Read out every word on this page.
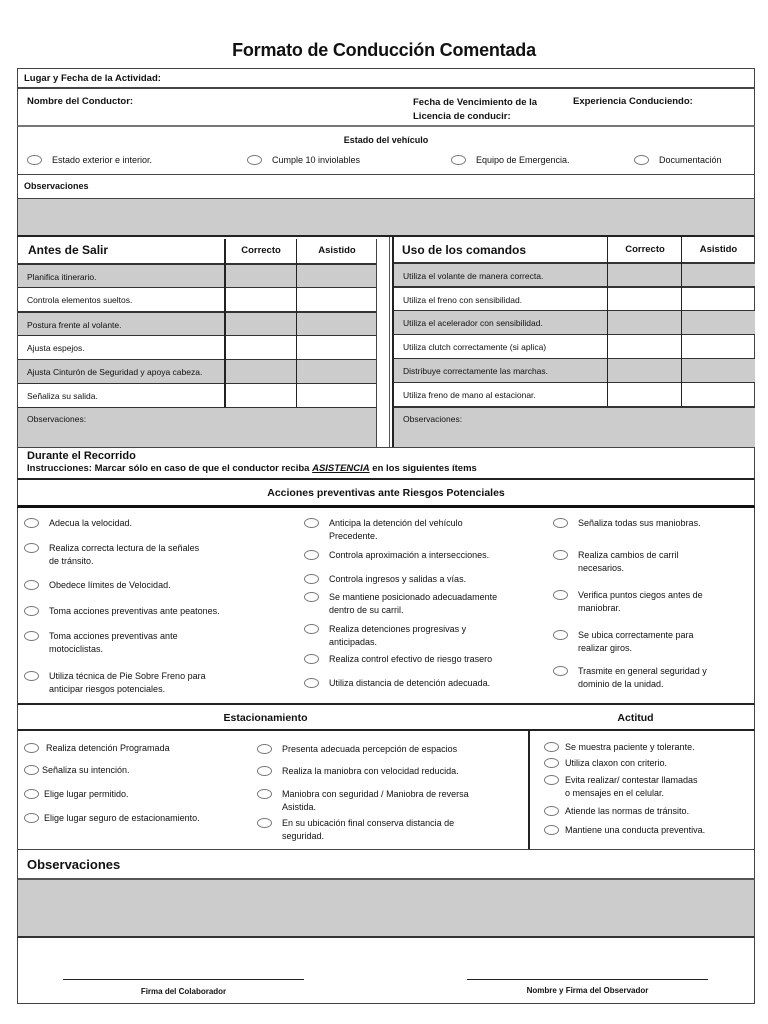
Formato de Conducción Comentada
Lugar y Fecha de la Actividad:
Nombre del Conductor:	Fecha de Vencimiento de la
Licencia de conducir:
Experiencia Conduciendo:
Estado del vehículo
Estado exterior e interior.	Cumple 10 inviolables	Equipo de Emergencia.	Documentación
Observaciones
Antes de Salir	Correcto	Asistido
Planifica itinerario.
Controla elementos sueltos.
Postura frente al volante.
Ajusta espejos.
Ajusta Cinturón de Seguridad y apoya cabeza.
Señaliza su salida.
Observaciones:
Uso de los comandos	Correcto	Asistido
Utiliza el volante de manera correcta.
Utiliza el freno con sensibilidad.
Utiliza el acelerador con sensibilidad.
Utiliza clutch correctamente (si aplica)
Distribuye correctamente las marchas.
Utiliza freno de mano al estacionar.
Observaciones:
Durante el Recorrido
Instrucciones: Marcar sólo en caso de que el conductor reciba ASISTENCIA en los siguientes ítems
Acciones preventivas ante Riesgos Potenciales
Adecua la velocidad.
Realiza correcta lectura de la señales
de tránsito.
Obedece límites de Velocidad.
Toma acciones preventivas ante peatones.
Toma acciones preventivas ante
motociclistas.
Utiliza técnica de Pie Sobre Freno para
anticipar riesgos potenciales.
Anticipa la detención del vehículo
Precedente.
Controla aproximación a intersecciones.
Controla ingresos y salidas a vías.
Se mantiene posicionado adecuadamente
dentro de su carril.
Realiza detenciones progresivas y
anticipadas.
Realiza control efectivo de riesgo trasero
Utiliza distancia de detención adecuada.
Señaliza todas sus maniobras.
Realiza cambios de carril
necesarios.
Verifica puntos ciegos antes de
maniobrar.
Se ubica correctamente para
realizar giros.
Trasmite en general seguridad y
dominio de la unidad.
Estacionamiento	Actitud
Realiza detención Programada
Señaliza su intención.
Elige lugar permitido.
Elige lugar seguro de estacionamiento.
Presenta adecuada percepción de espacios
Realiza la maniobra con velocidad reducida.
Maniobra con seguridad / Maniobra de reversa
Asistida.
En su ubicación final conserva distancia de
seguridad.
Se muestra paciente y tolerante.
Utiliza claxon con criterio.
Evita realizar/ contestar llamadas
o mensajes en el celular.
Atiende las normas de tránsito.
Mantiene una conducta preventiva.
Observaciones
Firma del Colaborador	Nombre y Firma del Observador
